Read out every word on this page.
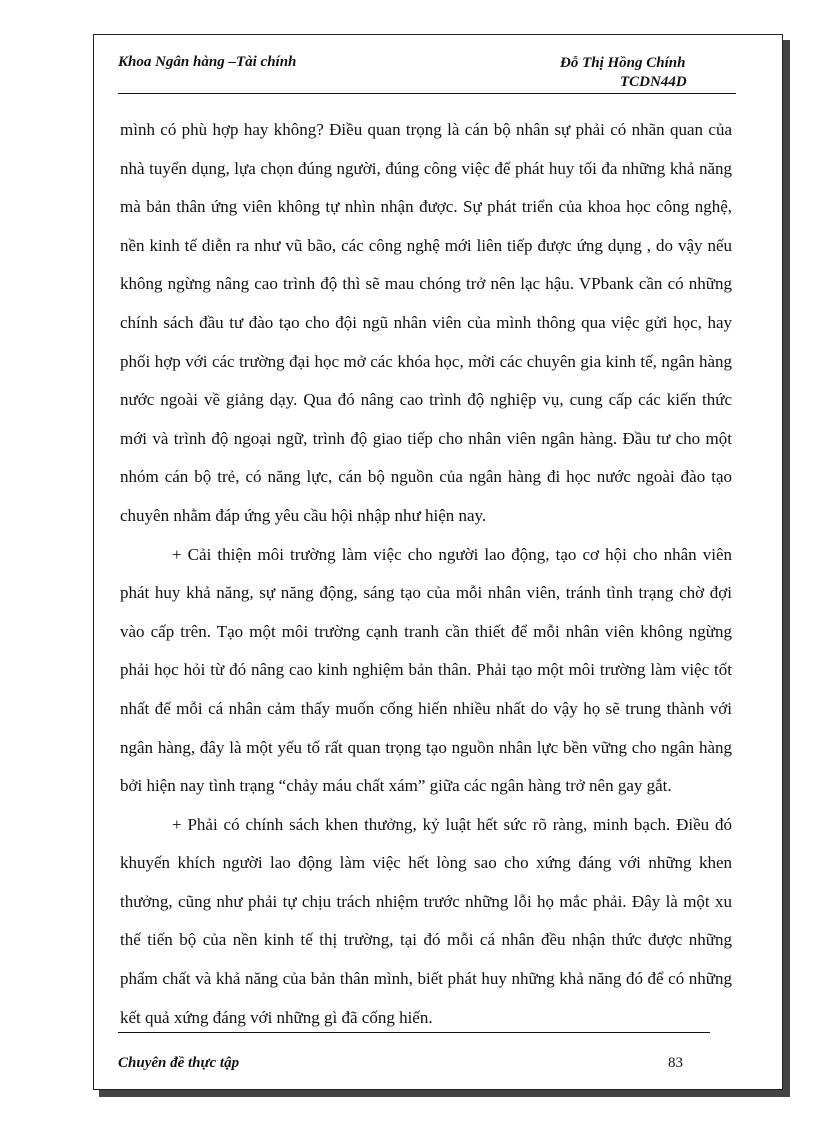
Khoa Ngân hàng –Tài chính	Đỗ Thị Hồng Chính
TCDN44D

mình có phù hợp hay không? Điều quan trọng là cán bộ nhân sự phải có nhãn quan của nhà tuyển dụng, lựa chọn đúng người, đúng công việc để phát huy tối đa những khả năng mà bản thân ứng viên không tự nhìn nhận được. Sự phát triển của khoa học công nghệ, nền kinh tế diễn ra như vũ bão, các công nghệ mới liên tiếp được ứng dụng , do vậy nếu không ngừng nâng cao trình độ thì sẽ mau chóng trở nên lạc hậu. VPbank cần có những chính sách đầu tư đào tạo cho đội ngũ nhân viên của mình thông qua việc gửi học, hay phối hợp với các trường đại học mở các khóa học, mời các chuyên gia kinh tế, ngân hàng nước ngoài về giảng dạy. Qua đó nâng cao trình độ nghiệp vụ, cung cấp các kiến thức mới và trình độ ngoại ngữ, trình độ giao tiếp cho nhân viên ngân hàng. Đầu tư cho một nhóm cán bộ trẻ, có năng lực, cán bộ nguồn của ngân hàng đi học nước ngoài đào tạo chuyên nhằm đáp ứng yêu cầu hội nhập như hiện nay.

+ Cải thiện môi trường làm việc cho người lao động, tạo cơ hội cho nhân viên phát huy khả năng, sự năng động, sáng tạo của mỗi nhân viên, tránh tình trạng chờ đợi vào cấp trên. Tạo một môi trường cạnh tranh cần thiết để mỗi nhân viên không ngừng phải học hỏi từ đó nâng cao kinh nghiệm bản thân. Phải tạo một môi trường làm việc tốt nhất để mỗi cá nhân cảm thấy muốn cống hiến nhiều nhất do vậy họ sẽ trung thành với ngân hàng, đây là một yếu tố rất quan trọng tạo nguồn nhân lực bền vững cho ngân hàng bởi hiện nay tình trạng “chảy máu chất xám” giữa các ngân hàng trở nên gay gắt.

+ Phải có chính sách khen thưởng, kỷ luật hết sức rõ ràng, minh bạch. Điều đó khuyến khích người lao động làm việc hết lòng sao cho xứng đáng với những khen thưởng, cũng như phải tự chịu trách nhiệm trước những lỗi họ mắc phải. Đây là một xu thế tiến bộ của nền kinh tế thị trường, tại đó mỗi cá nhân đều nhận thức được những phẩm chất và khả năng của bản thân mình, biết phát huy những khả năng đó để có những kết quả xứng đáng với những gì đã cống hiến.

Chuyên đề thực tập	83
